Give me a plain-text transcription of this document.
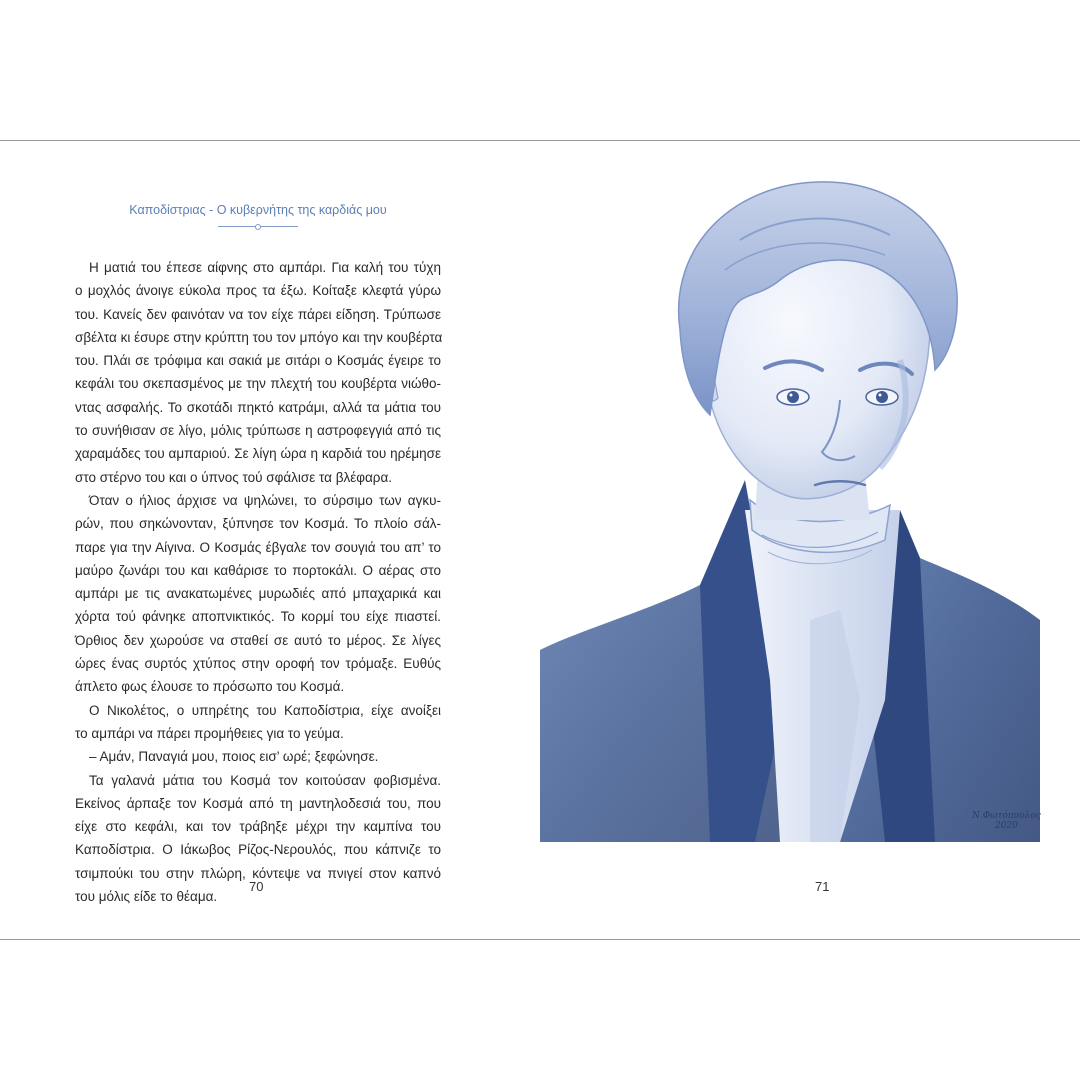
Καποδίστριας - Ο κυβερνήτης της καρδιάς μου
Η ματιά του έπεσε αίφνης στο αμπάρι. Για καλή του τύχη
ο μοχλός άνοιγε εύκολα προς τα έξω. Κοίταξε κλεφτά γύρω
του. Κανείς δεν φαινόταν να τον είχε πάρει είδηση. Τρύπωσε
σβέλτα κι έσυρε στην κρύπτη του τον μπόγο και την κουβέρτα
του. Πλάι σε τρόφιμα και σακιά με σιτάρι ο Κοσμάς έγειρε το
κεφάλι του σκεπασμένος με την πλεχτή του κουβέρτα νιώθο-
ντας ασφαλής. Το σκοτάδι πηκτό κατράμι, αλλά τα μάτια του
το συνήθισαν σε λίγο, μόλις τρύπωσε η αστροφεγγιά από τις
χαραμάδες του αμπαριού. Σε λίγη ώρα η καρδιά του ηρέμησε
στο στέρνο του και ο ύπνος τού σφάλισε τα βλέφαρα.
Όταν ο ήλιος άρχισε να ψηλώνει, το σύρσιμο των αγκυ-
ρών, που σηκώνονταν, ξύπνησε τον Κοσμά. Το πλοίο σάλ-
παρε για την Αίγινα. Ο Κοσμάς έβγαλε τον σουγιά του απ’ το
μαύρο ζωνάρι του και καθάρισε το πορτοκάλι. Ο αέρας στο
αμπάρι με τις ανακατωμένες μυρωδιές από μπαχαρικά και
χόρτα τού φάνηκε αποπνικτικός. Το κορμί του είχε πιαστεί.
Όρθιος δεν χωρούσε να σταθεί σε αυτό το μέρος. Σε λίγες
ώρες ένας συρτός χτύπος στην οροφή τον τρόμαξε. Ευθύς
άπλετο φως έλουσε το πρόσωπο του Κοσμά.
Ο Νικολέτος, ο υπηρέτης του Καποδίστρια, είχε ανοίξει
το αμπάρι να πάρει προμήθειες για το γεύμα.
– Αμάν, Παναγιά μου, ποιος εισ’ ωρέ; ξεφώνησε.
Τα γαλανά μάτια του Κοσμά τον κοιτούσαν φοβισμένα.
Εκείνος άρπαξε τον Κοσμά από τη μαντηλοδεσιά του, που
είχε στο κεφάλι, και τον τράβηξε μέχρι την καμπίνα του
Καποδίστρια. Ο Ιάκωβος Ρίζος-Νερουλός, που κάπνιζε το
τσιμπούκι του στην πλώρη, κόντεψε να πνιγεί στον καπνό
του μόλις είδε το θέαμα.
70
Ν.Φωτόπουλος
2020
71
